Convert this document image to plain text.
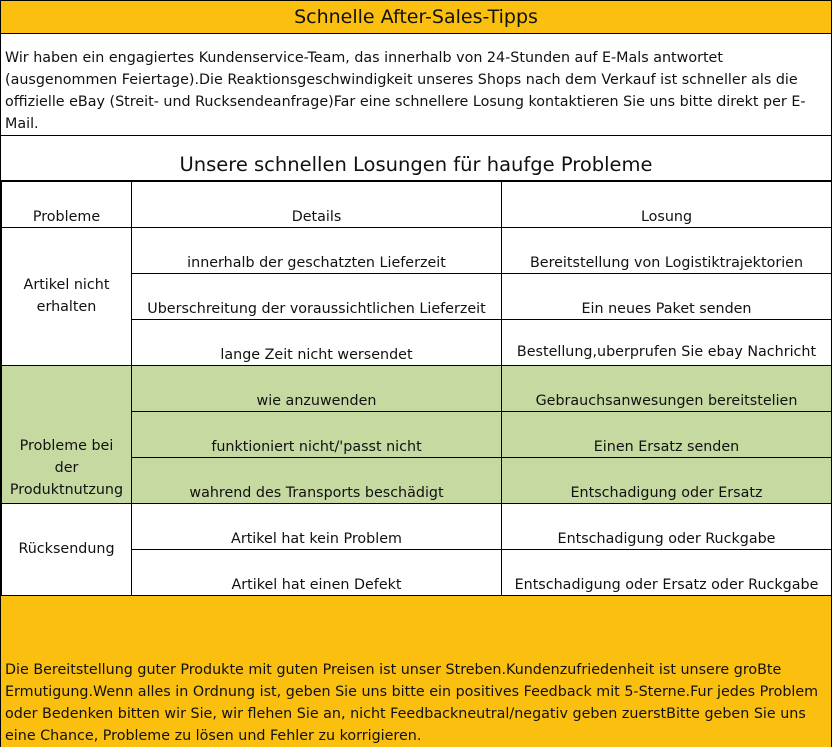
Schnelle After-Sales-Tipps
Wir haben ein engagiertes Kundenservice-Team, das innerhalb von 24-Stunden auf E-Mals antwortet (ausgenommen Feiertage).Die Reaktionsgeschwindigkeit unseres Shops nach dem Verkauf ist schneller als die offizielle eBay (Streit- und Rucksendeanfrage)Far eine schnellere Losung kontaktieren Sie uns bitte direkt per E-Mail.
Unsere schnellen Losungen für haufge Probleme
Probleme	Details	Losung
Artikel nicht erhalten	innerhalb der geschatzten Lieferzeit	Bereitstellung von Logistiktrajektorien
	Uberschreitung der voraussichtlichen Lieferzeit	Ein neues Paket senden
	lange Zeit nicht wersendet	Bestellung,uberprufen Sie ebay Nachricht
Probleme bei der Produktnutzung	wie anzuwenden	Gebrauchsanwesungen bereitstelien
	funktioniert nicht/'passt nicht	Einen Ersatz senden
	wahrend des Transports beschädigt	Entschadigung oder Ersatz
Rücksendung	Artikel hat kein Problem	Entschadigung oder Ruckgabe
	Artikel hat einen Defekt	Entschadigung oder Ersatz oder Ruckgabe
Die Bereitstellung guter Produkte mit guten Preisen ist unser Streben.Kundenzufriedenheit ist unsere groBte Ermutigung.Wenn alles in Ordnung ist, geben Sie uns bitte ein positives Feedback mit 5-Sterne.Fur jedes Problem oder Bedenken bitten wir Sie, wir flehen Sie an, nicht Feedbackneutral/negativ geben zuerstBitte geben Sie uns eine Chance, Probleme zu lösen und Fehler zu korrigieren.
